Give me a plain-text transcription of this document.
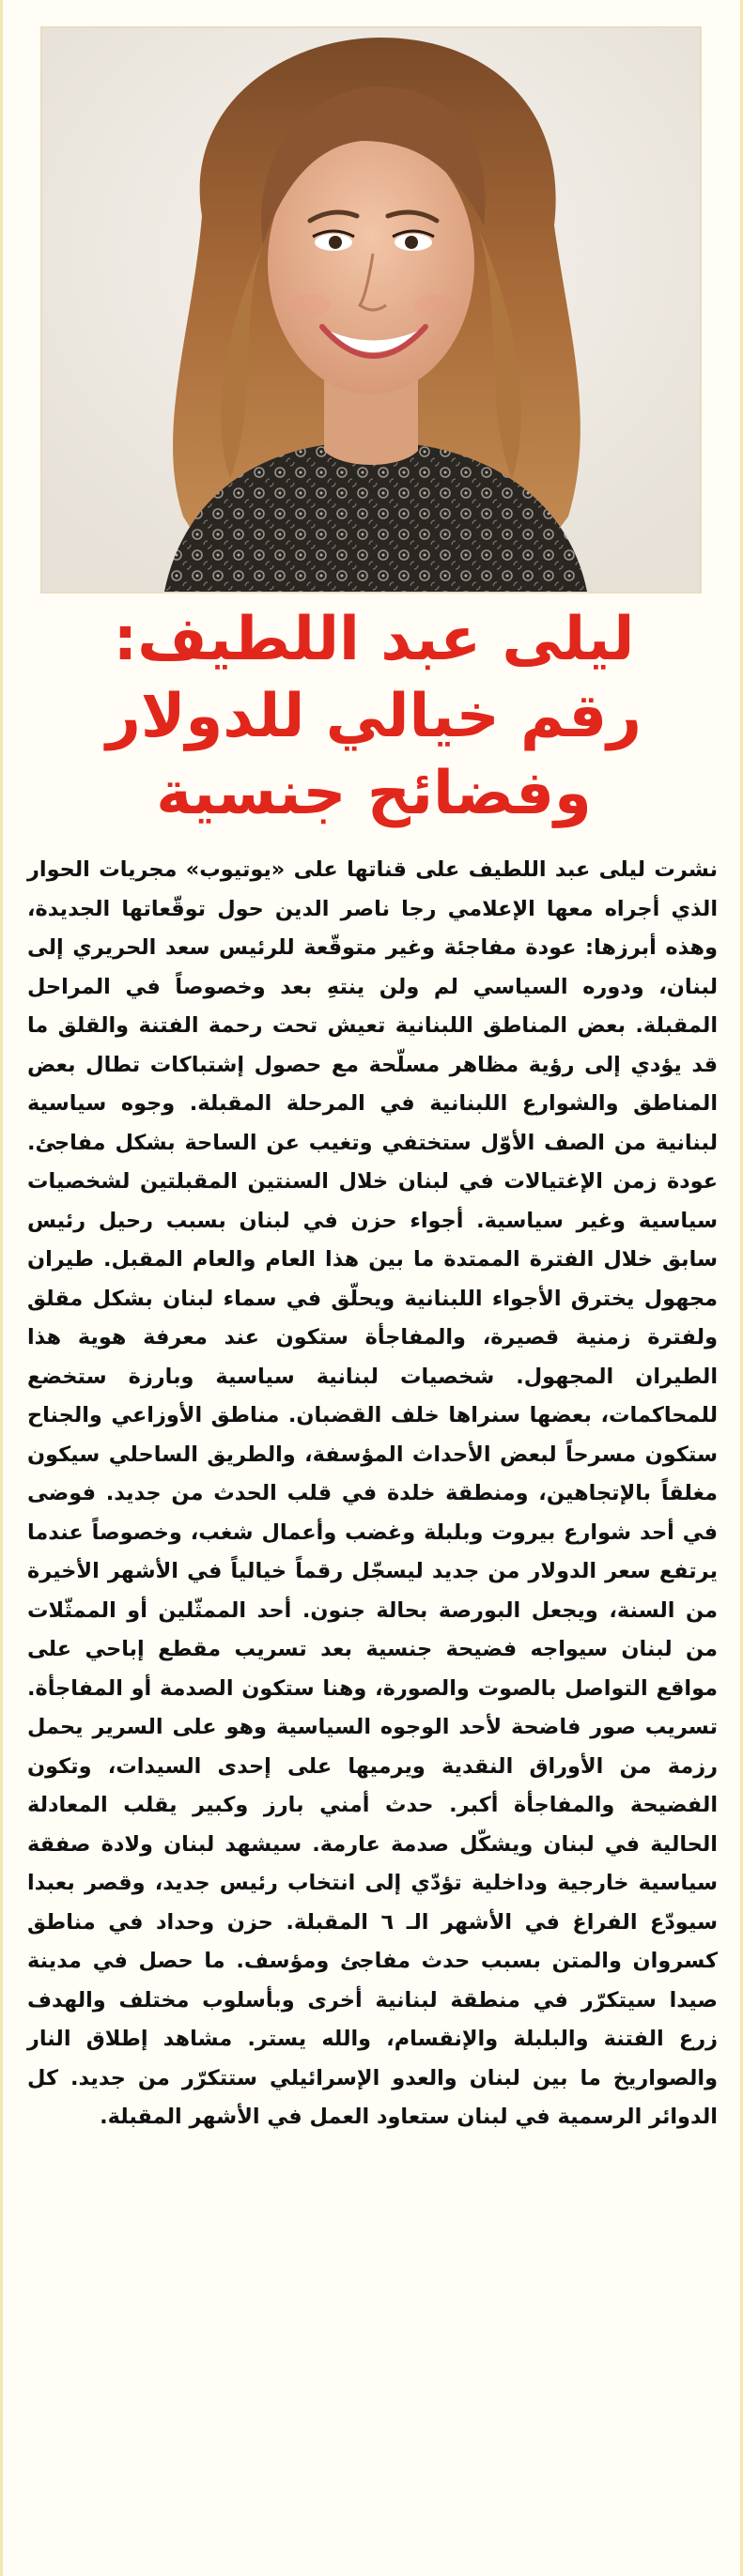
ليلى عبد اللطيف:
رقم خيالي للدولار
وفضائح جنسية

نشرت ليلى عبد اللطيف على قناتها على «يوتيوب» مجريات الحوار الذي أجراه معها الإعلامي رجا ناصر الدين حول توقّعاتها الجديدة، وهذه أبرزها: عودة مفاجئة وغير متوقّعة للرئيس سعد الحريري إلى لبنان، ودوره السياسي لم ولن ينتهِ بعد وخصوصاً في المراحل المقبلة. بعض المناطق اللبنانية تعيش تحت رحمة الفتنة والقلق ما قد يؤدي إلى رؤية مظاهر مسلّحة مع حصول إشتباكات تطال بعض المناطق والشوارع اللبنانية في المرحلة المقبلة. وجوه سياسية لبنانية من الصف الأوّل ستختفي وتغيب عن الساحة بشكل مفاجئ. عودة زمن الإغتيالات في لبنان خلال السنتين المقبلتين لشخصيات سياسية وغير سياسية. أجواء حزن في لبنان بسبب رحيل رئيس سابق خلال الفترة الممتدة ما بين هذا العام والعام المقبل. طيران مجهول يخترق الأجواء اللبنانية ويحلّق في سماء لبنان بشكل مقلق ولفترة زمنية قصيرة، والمفاجأة ستكون عند معرفة هوية هذا الطيران المجهول. شخصيات لبنانية سياسية وبارزة ستخضع للمحاكمات، بعضها سنراها خلف القضبان. مناطق الأوزاعي والجناح ستكون مسرحاً لبعض الأحداث المؤسفة، والطريق الساحلي سيكون مغلقاً بالإتجاهين، ومنطقة خلدة في قلب الحدث من جديد. فوضى في أحد شوارع بيروت وبلبلة وغضب وأعمال شغب، وخصوصاً عندما يرتفع سعر الدولار من جديد ليسجّل رقماً خيالياً في الأشهر الأخيرة من السنة، ويجعل البورصة بحالة جنون. أحد الممثّلين أو الممثّلات من لبنان سيواجه فضيحة جنسية بعد تسريب مقطع إباحي على مواقع التواصل بالصوت والصورة، وهنا ستكون الصدمة أو المفاجأة. تسريب صور فاضحة لأحد الوجوه السياسية وهو على السرير يحمل رزمة من الأوراق النقدية ويرميها على إحدى السيدات، وتكون الفضيحة والمفاجأة أكبر. حدث أمني بارز وكبير يقلب المعادلة الحالية في لبنان ويشكّل صدمة عارمة. سيشهد لبنان ولادة صفقة سياسية خارجية وداخلية تؤدّي إلى انتخاب رئيس جديد، وقصر بعبدا سيودّع الفراغ في الأشهر الـ ٦ المقبلة. حزن وحداد في مناطق كسروان والمتن بسبب حدث مفاجئ ومؤسف. ما حصل في مدينة صيدا سيتكرّر في منطقة لبنانية أخرى وبأسلوب مختلف والهدف زرع الفتنة والبلبلة والإنقسام، والله يستر. مشاهد إطلاق النار والصواريخ ما بين لبنان والعدو الإسرائيلي ستتكرّر من جديد. كل الدوائر الرسمية في لبنان ستعاود العمل في الأشهر المقبلة.
